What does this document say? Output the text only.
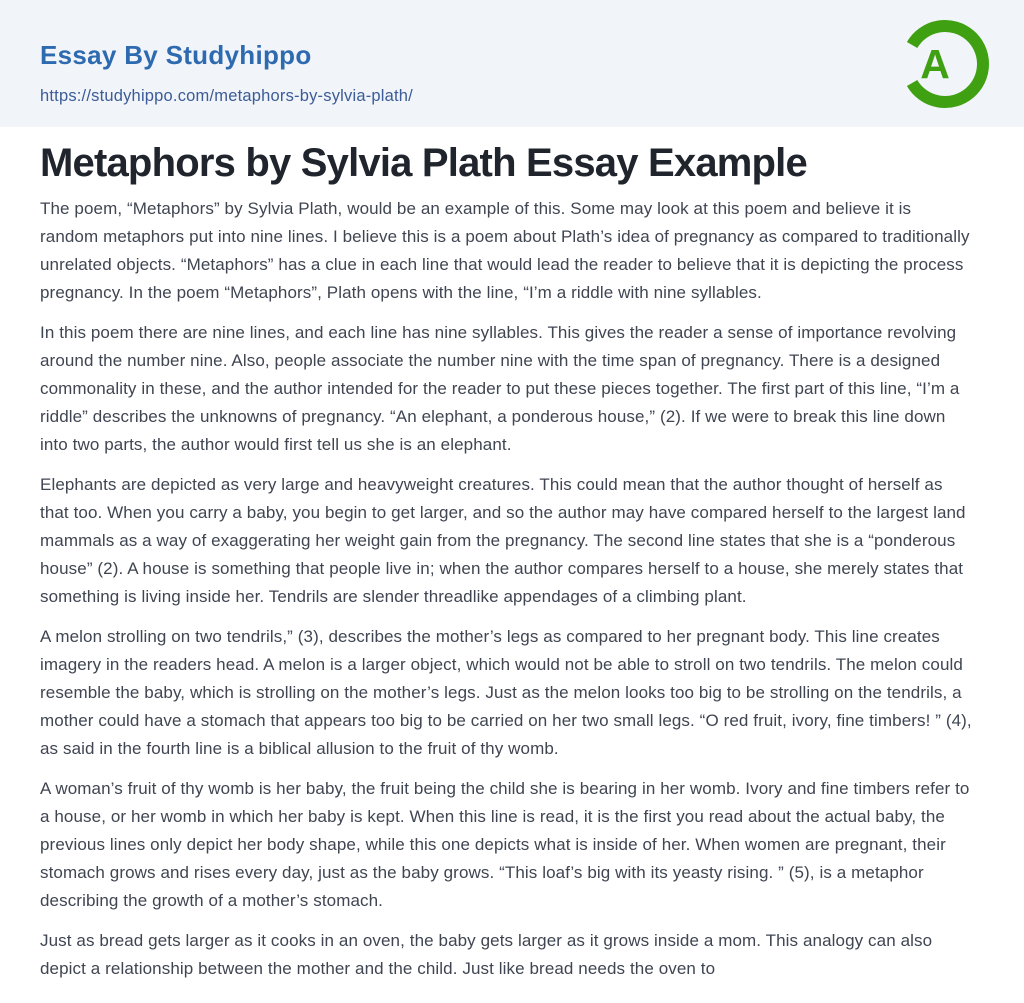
Essay By Studyhippo
https://studyhippo.com/metaphors-by-sylvia-plath/
A
Metaphors by Sylvia Plath Essay Example

The poem, “Metaphors” by Sylvia Plath, would be an example of this. Some may look at this poem and believe it is random metaphors put into nine lines. I believe this is a poem about Plath’s idea of pregnancy as compared to traditionally unrelated objects. “Metaphors” has a clue in each line that would lead the reader to believe that it is depicting the process pregnancy. In the poem “Metaphors”, Plath opens with the line, “I’m a riddle with nine syllables.

In this poem there are nine lines, and each line has nine syllables. This gives the reader a sense of importance revolving around the number nine. Also, people associate the number nine with the time span of pregnancy. There is a designed commonality in these, and the author intended for the reader to put these pieces together. The first part of this line, “I’m a riddle” describes the unknowns of pregnancy. “An elephant, a ponderous house,” (2). If we were to break this line down into two parts, the author would first tell us she is an elephant.

Elephants are depicted as very large and heavyweight creatures. This could mean that the author thought of herself as that too. When you carry a baby, you begin to get larger, and so the author may have compared herself to the largest land mammals as a way of exaggerating her weight gain from the pregnancy. The second line states that she is a “ponderous house” (2). A house is something that people live in; when the author compares herself to a house, she merely states that something is living inside her. Tendrils are slender threadlike appendages of a climbing plant.

A melon strolling on two tendrils,” (3), describes the mother’s legs as compared to her pregnant body. This line creates imagery in the readers head. A melon is a larger object, which would not be able to stroll on two tendrils. The melon could resemble the baby, which is strolling on the mother’s legs. Just as the melon looks too big to be strolling on the tendrils, a mother could have a stomach that appears too big to be carried on her two small legs. “O red fruit, ivory, fine timbers! ” (4), as said in the fourth line is a biblical allusion to the fruit of thy womb.

A woman’s fruit of thy womb is her baby, the fruit being the child she is bearing in her womb. Ivory and fine timbers refer to a house, or her womb in which her baby is kept. When this line is read, it is the first you read about the actual baby, the previous lines only depict her body shape, while this one depicts what is inside of her. When women are pregnant, their stomach grows and rises every day, just as the baby grows. “This loaf’s big with its yeasty rising. ” (5), is a metaphor describing the growth of a mother’s stomach.

Just as bread gets larger as it cooks in an oven, the baby gets larger as it grows inside a mom. This analogy can also depict a relationship between the mother and the child. Just like bread needs the oven to
